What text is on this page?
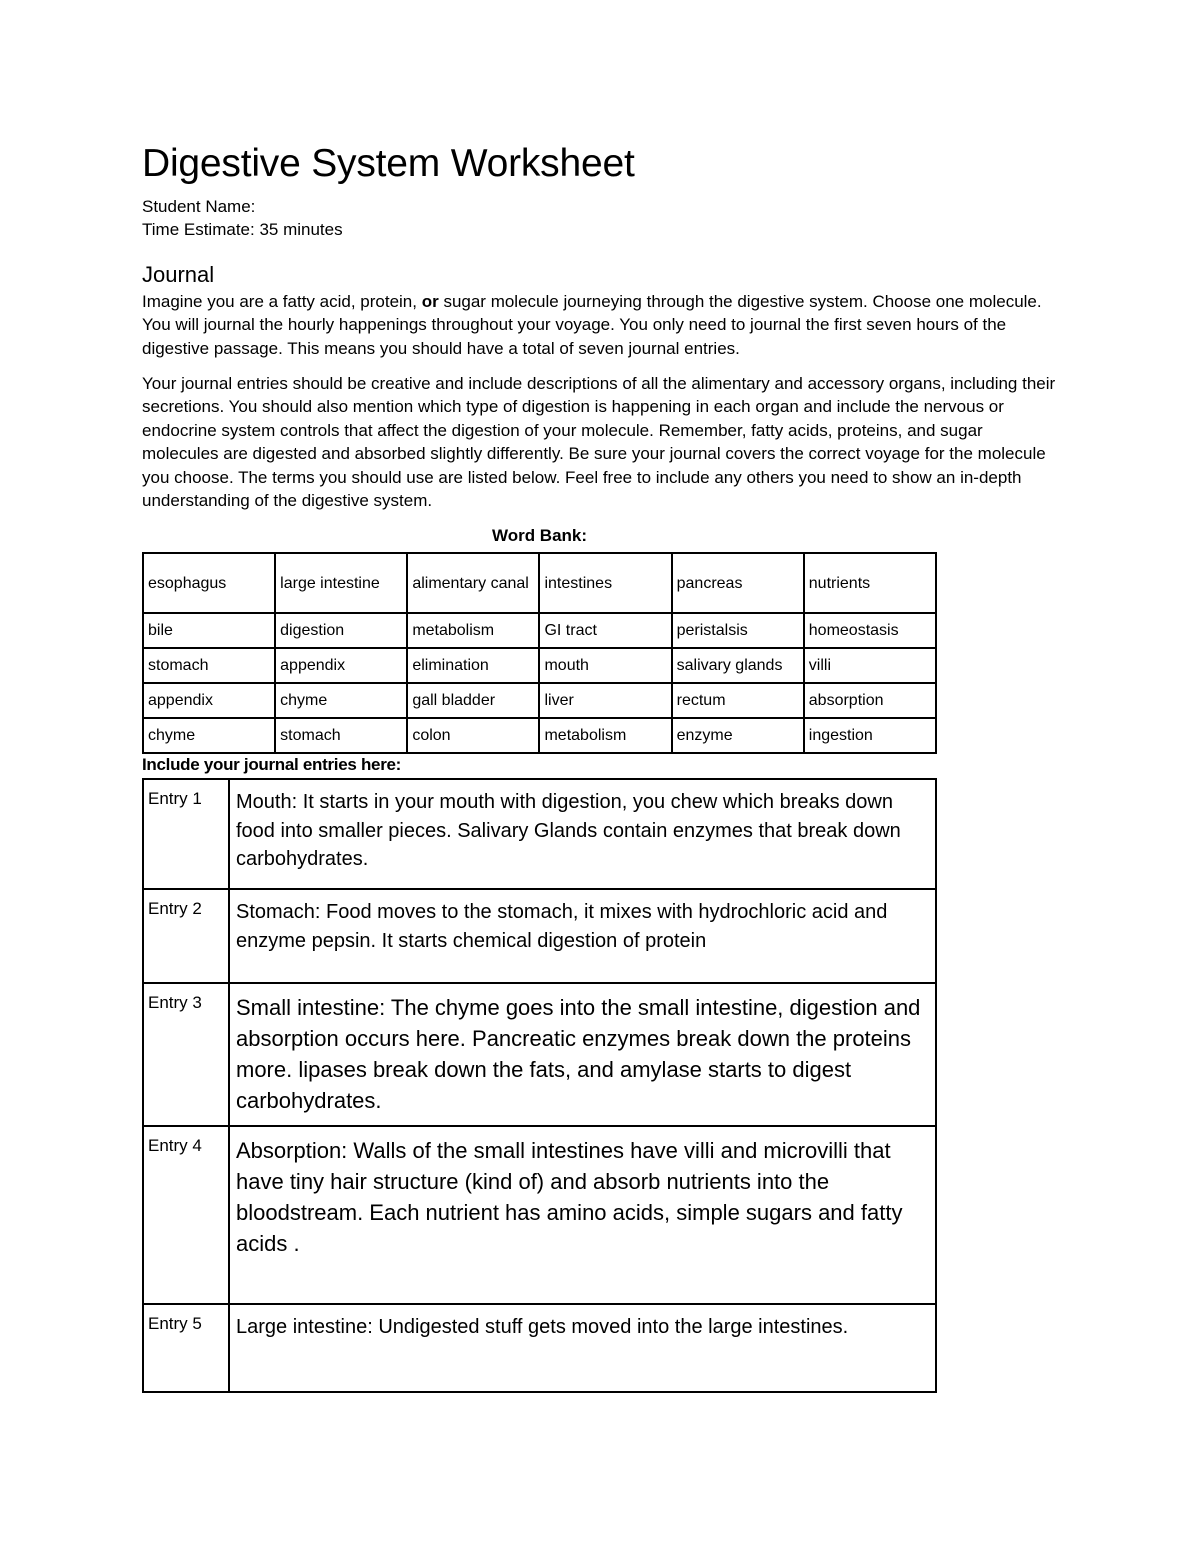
Digestive System Worksheet
Student Name:
Time Estimate: 35 minutes
Journal
Imagine you are a fatty acid, protein, or sugar molecule journeying through the digestive system. Choose one molecule. You will journal the hourly happenings throughout your voyage. You only need to journal the first seven hours of the digestive passage. This means you should have a total of seven journal entries.
Your journal entries should be creative and include descriptions of all the alimentary and accessory organs, including their secretions. You should also mention which type of digestion is happening in each organ and include the nervous or endocrine system controls that affect the digestion of your molecule. Remember, fatty acids, proteins, and sugar molecules are digested and absorbed slightly differently. Be sure your journal covers the correct voyage for the molecule you choose. The terms you should use are listed below. Feel free to include any others you need to show an in-depth understanding of the digestive system.
Word Bank:
esophagus	large intestine	alimentary canal	intestines	pancreas	nutrients
bile	digestion	metabolism	GI tract	peristalsis	homeostasis
stomach	appendix	elimination	mouth	salivary glands	villi
appendix	chyme	gall bladder	liver	rectum	absorption
chyme	stomach	colon	metabolism	enzyme	ingestion
Include your journal entries here:
Entry 1	Mouth: It starts in your mouth with digestion, you chew which breaks down food into smaller pieces. Salivary Glands contain enzymes that break down carbohydrates.
Entry 2	Stomach: Food moves to the stomach, it mixes with hydrochloric acid and enzyme pepsin. It starts chemical digestion of protein
Entry 3	Small intestine: The chyme goes into the small intestine, digestion and absorption occurs here. Pancreatic enzymes break down the proteins more. lipases break down the fats, and amylase starts to digest carbohydrates.
Entry 4	Absorption: Walls of the small intestines have villi and microvilli that have tiny hair structure (kind of) and absorb nutrients into the bloodstream. Each nutrient has amino acids, simple sugars and fatty acids .
Entry 5	Large intestine: Undigested stuff gets moved into the large intestines.
